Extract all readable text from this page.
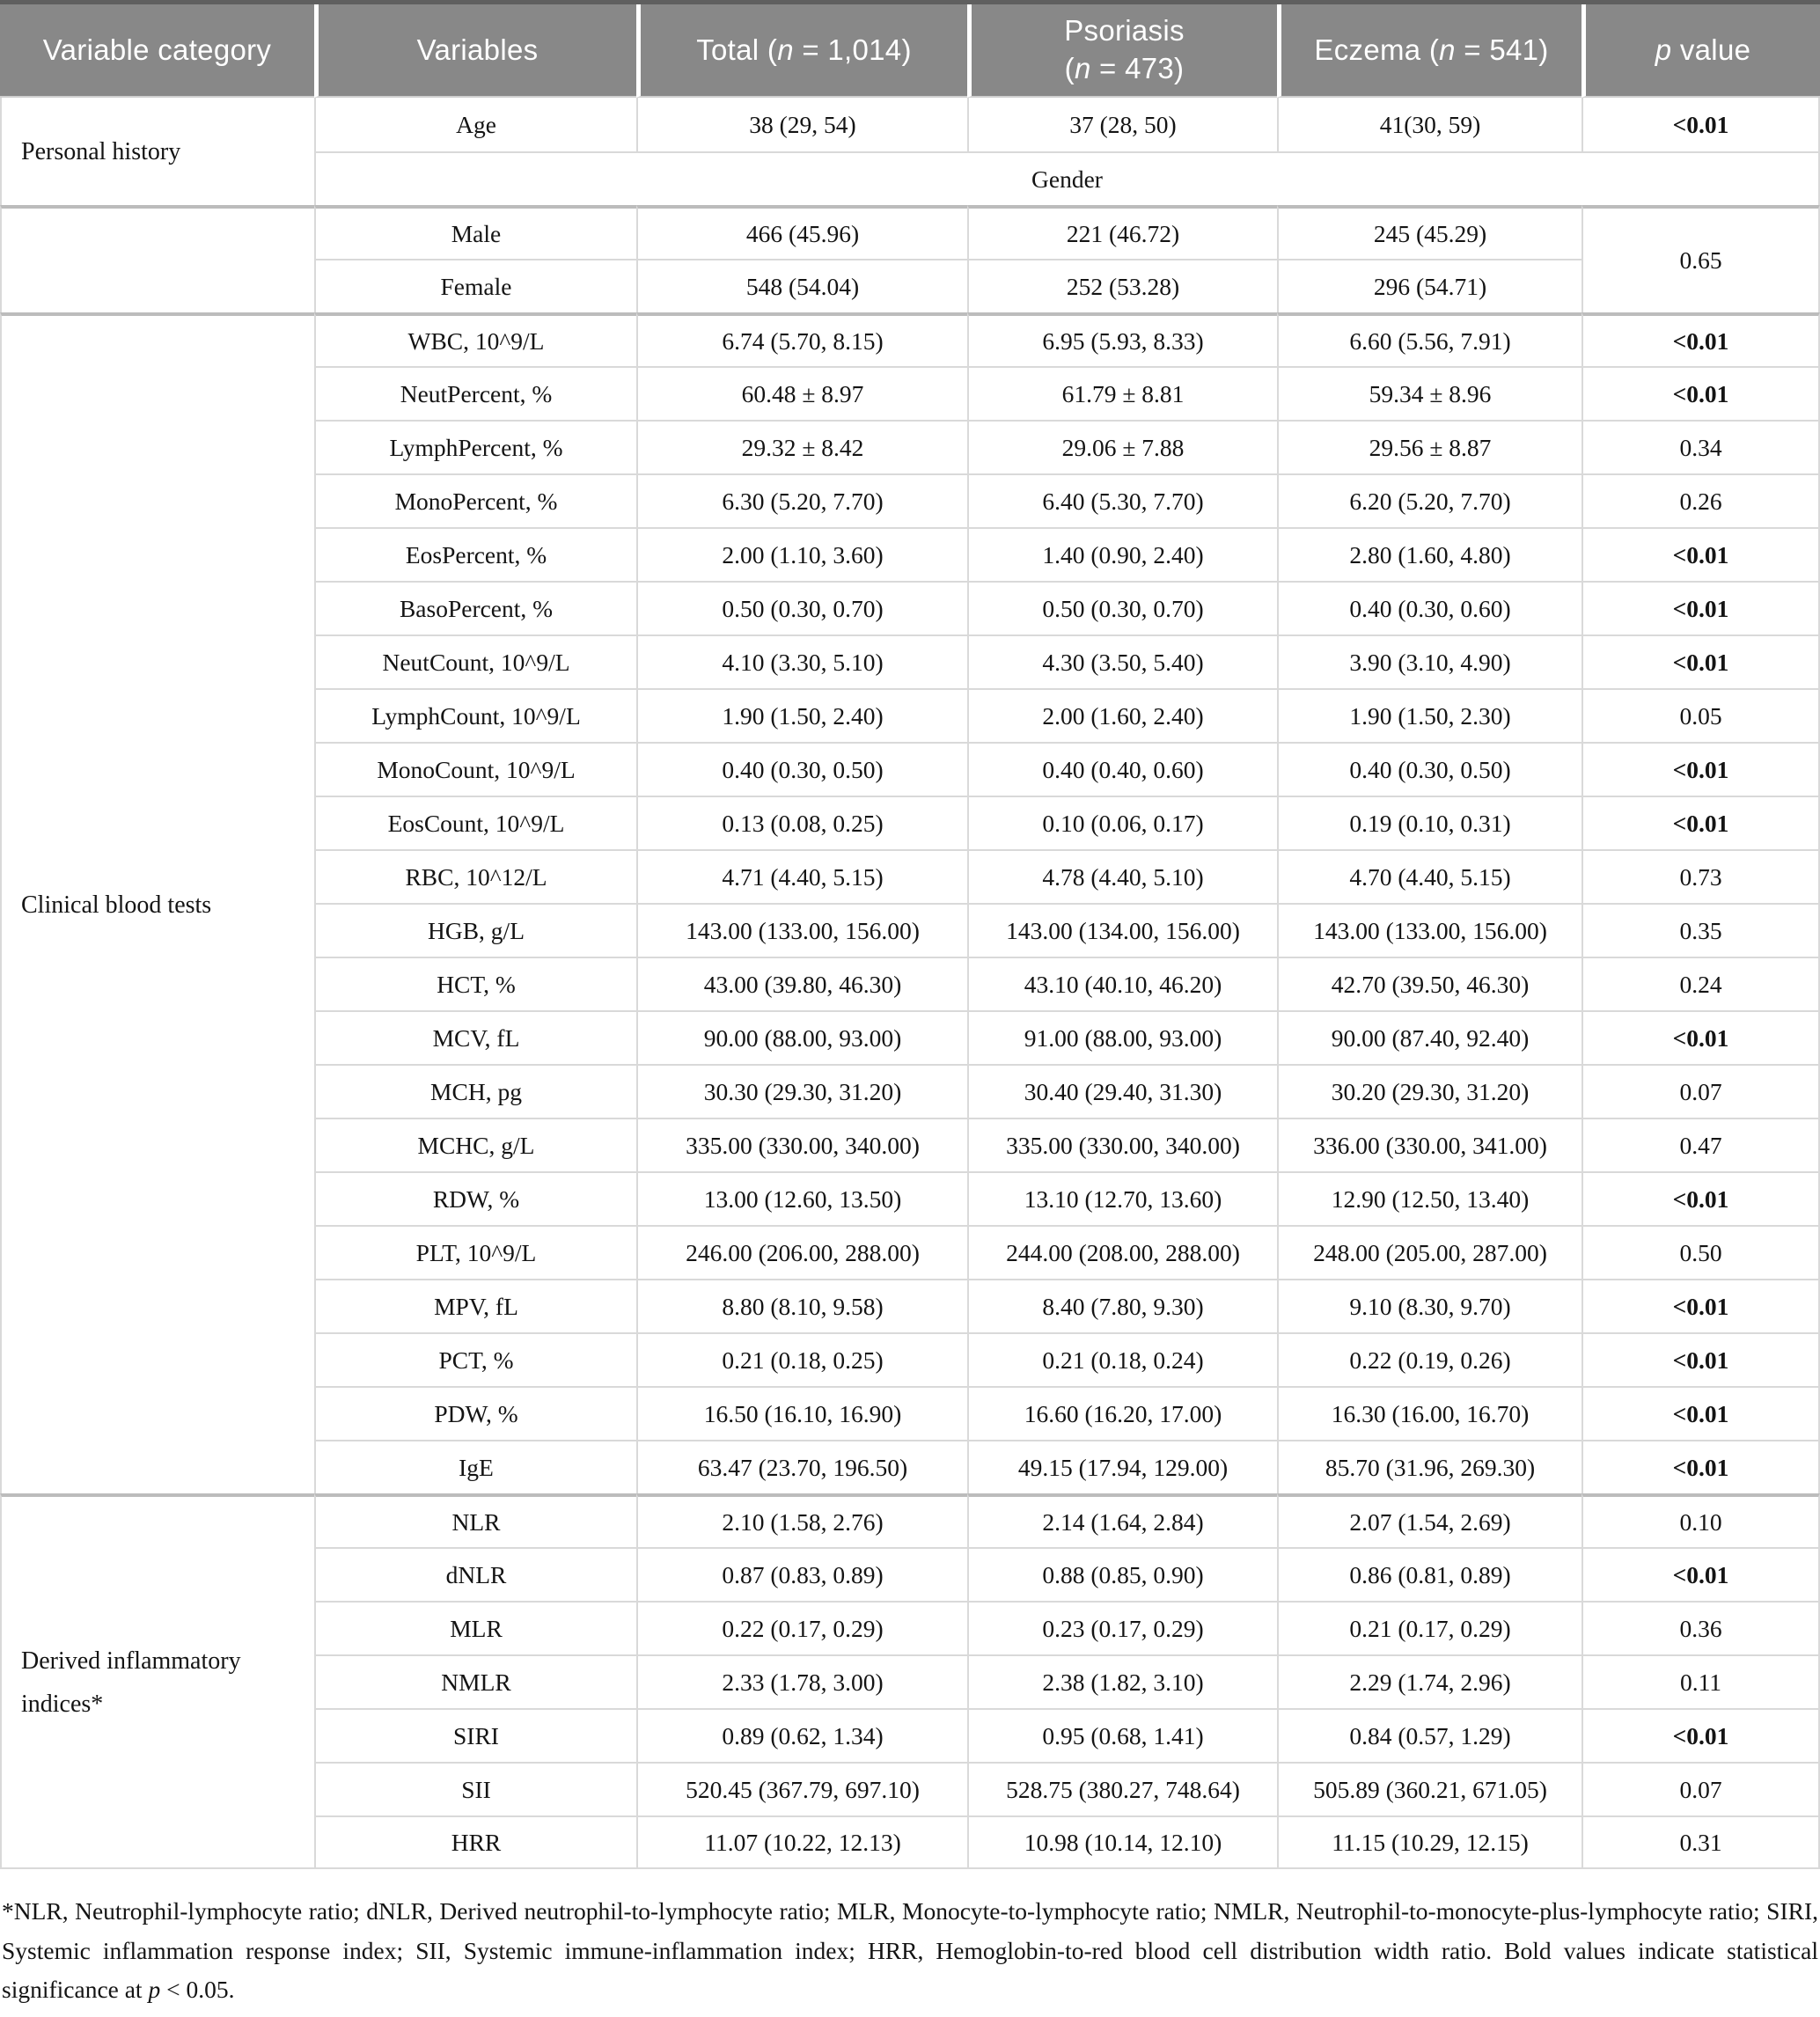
Variable category	Variables	Total (n = 1,014)	Psoriasis
(n = 473)	Eczema (n = 541)	p value
Personal history	Age	38 (29, 54)	37 (28, 50)	41(30, 59)	<0.01
	Gender				
	Male	466 (45.96)	221 (46.72)	245 (45.29)	0.65
	Female	548 (54.04)	252 (53.28)	296 (54.71)	
Clinical blood tests	WBC, 10^9/L	6.74 (5.70, 8.15)	6.95 (5.93, 8.33)	6.60 (5.56, 7.91)	<0.01
	NeutPercent, %	60.48 ± 8.97	61.79 ± 8.81	59.34 ± 8.96	<0.01
	LymphPercent, %	29.32 ± 8.42	29.06 ± 7.88	29.56 ± 8.87	0.34
	MonoPercent, %	6.30 (5.20, 7.70)	6.40 (5.30, 7.70)	6.20 (5.20, 7.70)	0.26
	EosPercent, %	2.00 (1.10, 3.60)	1.40 (0.90, 2.40)	2.80 (1.60, 4.80)	<0.01
	BasoPercent, %	0.50 (0.30, 0.70)	0.50 (0.30, 0.70)	0.40 (0.30, 0.60)	<0.01
	NeutCount, 10^9/L	4.10 (3.30, 5.10)	4.30 (3.50, 5.40)	3.90 (3.10, 4.90)	<0.01
	LymphCount, 10^9/L	1.90 (1.50, 2.40)	2.00 (1.60, 2.40)	1.90 (1.50, 2.30)	0.05
	MonoCount, 10^9/L	0.40 (0.30, 0.50)	0.40 (0.40, 0.60)	0.40 (0.30, 0.50)	<0.01
	EosCount, 10^9/L	0.13 (0.08, 0.25)	0.10 (0.06, 0.17)	0.19 (0.10, 0.31)	<0.01
	RBC, 10^12/L	4.71 (4.40, 5.15)	4.78 (4.40, 5.10)	4.70 (4.40, 5.15)	0.73
	HGB, g/L	143.00 (133.00, 156.00)	143.00 (134.00, 156.00)	143.00 (133.00, 156.00)	0.35
	HCT, %	43.00 (39.80, 46.30)	43.10 (40.10, 46.20)	42.70 (39.50, 46.30)	0.24
	MCV, fL	90.00 (88.00, 93.00)	91.00 (88.00, 93.00)	90.00 (87.40, 92.40)	<0.01
	MCH, pg	30.30 (29.30, 31.20)	30.40 (29.40, 31.30)	30.20 (29.30, 31.20)	0.07
	MCHC, g/L	335.00 (330.00, 340.00)	335.00 (330.00, 340.00)	336.00 (330.00, 341.00)	0.47
	RDW, %	13.00 (12.60, 13.50)	13.10 (12.70, 13.60)	12.90 (12.50, 13.40)	<0.01
	PLT, 10^9/L	246.00 (206.00, 288.00)	244.00 (208.00, 288.00)	248.00 (205.00, 287.00)	0.50
	MPV, fL	8.80 (8.10, 9.58)	8.40 (7.80, 9.30)	9.10 (8.30, 9.70)	<0.01
	PCT, %	0.21 (0.18, 0.25)	0.21 (0.18, 0.24)	0.22 (0.19, 0.26)	<0.01
	PDW, %	16.50 (16.10, 16.90)	16.60 (16.20, 17.00)	16.30 (16.00, 16.70)	<0.01
	IgE	63.47 (23.70, 196.50)	49.15 (17.94, 129.00)	85.70 (31.96, 269.30)	<0.01
Derived inflammatory indices*	NLR	2.10 (1.58, 2.76)	2.14 (1.64, 2.84)	2.07 (1.54, 2.69)	0.10
	dNLR	0.87 (0.83, 0.89)	0.88 (0.85, 0.90)	0.86 (0.81, 0.89)	<0.01
	MLR	0.22 (0.17, 0.29)	0.23 (0.17, 0.29)	0.21 (0.17, 0.29)	0.36
	NMLR	2.33 (1.78, 3.00)	2.38 (1.82, 3.10)	2.29 (1.74, 2.96)	0.11
	SIRI	0.89 (0.62, 1.34)	0.95 (0.68, 1.41)	0.84 (0.57, 1.29)	<0.01
	SII	520.45 (367.79, 697.10)	528.75 (380.27, 748.64)	505.89 (360.21, 671.05)	0.07
	HRR	11.07 (10.22, 12.13)	10.98 (10.14, 12.10)	11.15 (10.29, 12.15)	0.31

*NLR, Neutrophil-lymphocyte ratio; dNLR, Derived neutrophil-to-lymphocyte ratio; MLR, Monocyte-to-lymphocyte ratio; NMLR, Neutrophil-to-monocyte-plus-lymphocyte ratio; SIRI, Systemic inflammation response index; SII, Systemic immune-inflammation index; HRR, Hemoglobin-to-red blood cell distribution width ratio. Bold values indicate statistical significance at p < 0.05.
